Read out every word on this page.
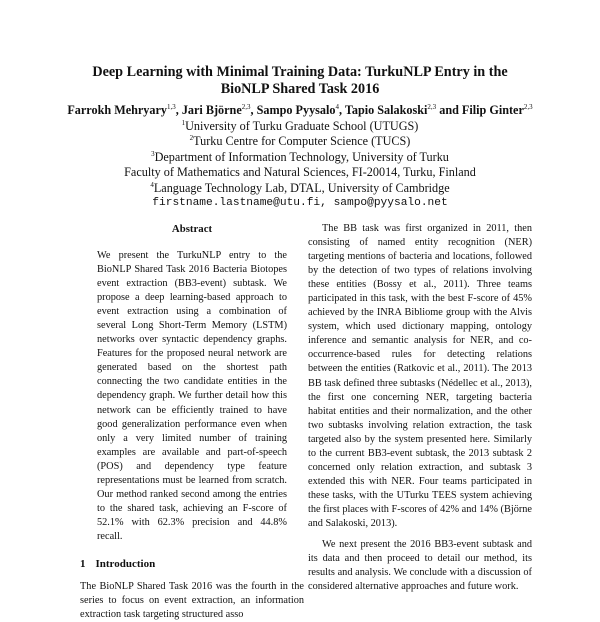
Deep Learning with Minimal Training Data: TurkuNLP Entry in the BioNLP Shared Task 2016
Farrokh Mehryary$^{1,3}$, Jari Björne$^{2,3}$, Sampo Pyysalo$^4$, Tapio Salakoski$^{2,3}$ and Filip Ginter$^{2,3}$
$^1$University of Turku Graduate School (UTUGS)
$^2$Turku Centre for Computer Science (TUCS)
$^3$Department of Information Technology, University of Turku
Faculty of Mathematics and Natural Sciences, FI-20014, Turku, Finland
$^4$Language Technology Lab, DTAL, University of Cambridge
firstname.lastname@utu.fi, sampo@pyysalo.net
Abstract

We present the TurkuNLP entry to the BioNLP Shared Task 2016 Bacteria Biotopes event extraction (BB3-event) subtask. We propose a deep learning-based approach to event extraction using a combination of several Long Short-Term Memory (LSTM) networks over syntactic dependency graphs. Features for the proposed neural network are generated based on the shortest path connecting the two candidate entities in the dependency graph. We further detail how this network can be efficiently trained to have good generalization performance even when only a very limited number of training examples are available and part-of-speech (POS) and dependency type feature representations must be learned from scratch. Our method ranked second among the entries to the shared task, achieving an F-score of 52.1% with 62.3% precision and 44.8% recall.

1 Introduction

The BioNLP Shared Task 2016 was the fourth in the series to focus on event extraction, an information extraction task targeting structured asso

The BB task was first organized in 2011, then consisting of named entity recognition (NER) targeting mentions of bacteria and locations, followed by the detection of two types of relations involving these entities (Bossy et al., 2011). Three teams participated in this task, with the best F-score of 45% achieved by the INRA Bibliome group with the Alvis system, which used dictionary mapping, ontology inference and semantic analysis for NER, and co-occurrence-based rules for detecting relations between the entities (Ratkovic et al., 2011). The 2013 BB task defined three subtasks (Nédellec et al., 2013), the first one concerning NER, targeting bacteria habitat entities and their normalization, and the other two subtasks involving relation extraction, the task targeted also by the system presented here. Similarly to the current BB3-event subtask, the 2013 subtask 2 concerned only relation extraction, and subtask 3 extended this with NER. Four teams participated in these tasks, with the UTurku TEES system achieving the first places with F-scores of 42% and 14% (Björne and Salakoski, 2013).

We next present the 2016 BB3-event subtask and its data and then proceed to detail our method, its results and analysis. We conclude with a discussion of considered alternative approaches and future work.
